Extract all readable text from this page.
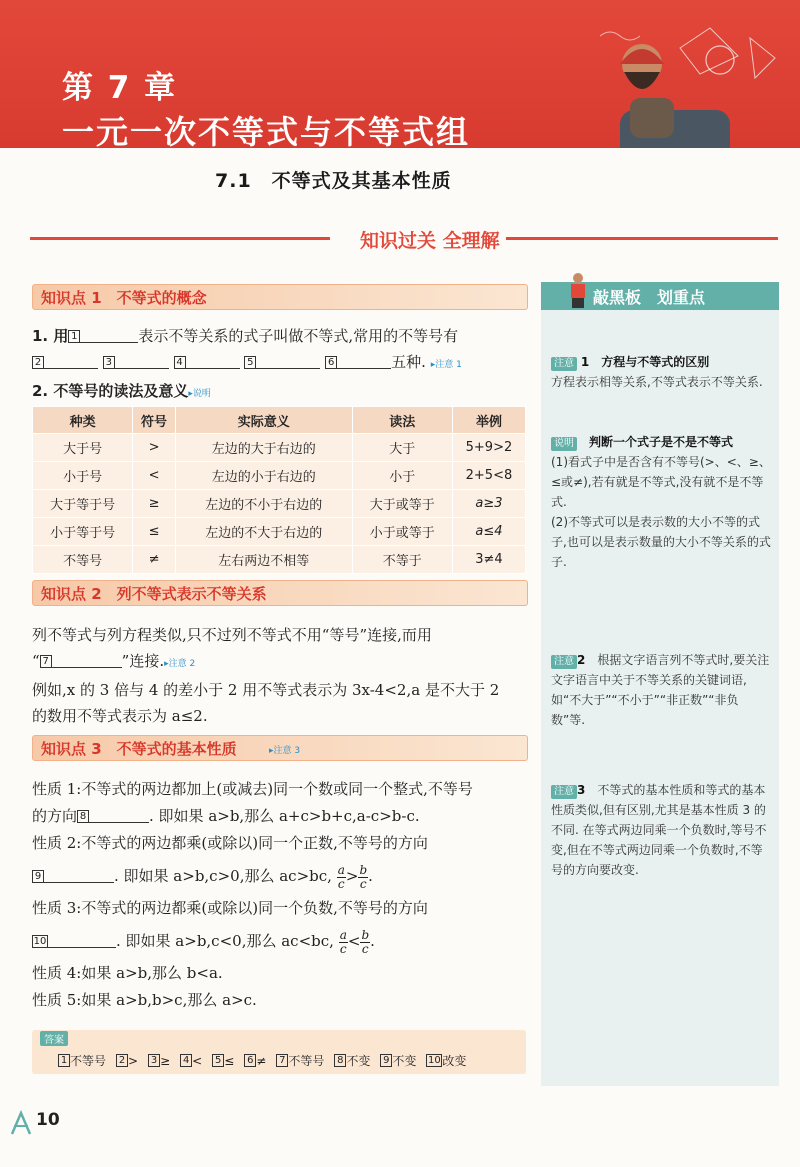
第 7 章
一元一次不等式与不等式组
7.1　不等式及其基本性质
知识过关 全理解
知识点 1　不等式的概念
1. 用 1	表示不等关系的式子叫做不等式,常用的不等号有
2	3	4	5	6	五种. ▸注意 1
2. 不等号的读法及意义▸说明
种类	符号	实际意义	读法	举例
大于号	>	左边的大于右边的	大于	5+9>2
小于号	<	左边的小于右边的	小于	2+5<8
大于等于号	≥	左边的不小于右边的	大于或等于	a≥3
小于等于号	≤	左边的不大于右边的	小于或等于	a≤4
不等号	≠	左右两边不相等	不等于	3≠4
知识点 2　列不等式表示不等关系
列不等式与列方程类似,只不过列不等式不用“等号”连接,而用
“ 7	”连接.▸注意 2
例如,x 的 3 倍与 4 的差小于 2 用不等式表示为 3x-4<2,a 是不大于 2
的数用不等式表示为 a≤2.
知识点 3　不等式的基本性质	▸注意 3
性质 1:不等式的两边都加上(或减去)同一个数或同一个整式,不等号
的方向 8	. 即如果 a>b,那么 a+c>b+c,a-c>b-c.
性质 2:不等式的两边都乘(或除以)同一个正数,不等号的方向
9	. 即如果 a>b,c>0,那么 ac>bc, $\frac{a}{c}> \frac{b}{c}$.
性质 3:不等式的两边都乘(或除以)同一个负数,不等号的方向
10	. 即如果 a>b,c<0,那么 ac<bc, $\frac{a}{c}< \frac{b}{c}$.
性质 4:如果 a>b,那么 b<a.
性质 5:如果 a>b,b>c,那么 a>c.
答案
1 不等号 2 > 3 ≥ 4 < 5 ≤ 6 ≠ 7 不等号 8 不变 9 不变 10 改变
敲黑板　划重点
注意 1　 方程与不等式的区别
方程表示相等关系,不等式表示不等关系.
说明　 判断一个式子是不是不等式
(1)看式子中是否含有不等号(>、<、≥、≤或≠),若有就是不等式,没有就不是不等式.
(2)不等式可以是表示数的大小不等的式子,也可以是表示数量的大小不等关系的式子.
注意 2　 根据文字语言列不等式时,要关注文字语言中关于不等关系的关键词语,如“不大于”“不小于”“非正数”“非负数”等.
注意 3　 不等式的基本性质和等式的基本性质类似,但有区别,尤其是基本性质 3 的不同. 在等式两边同乘一个负数时,等号不变,但在不等式两边同乘一个负数时,不等号的方向要改变.
10
